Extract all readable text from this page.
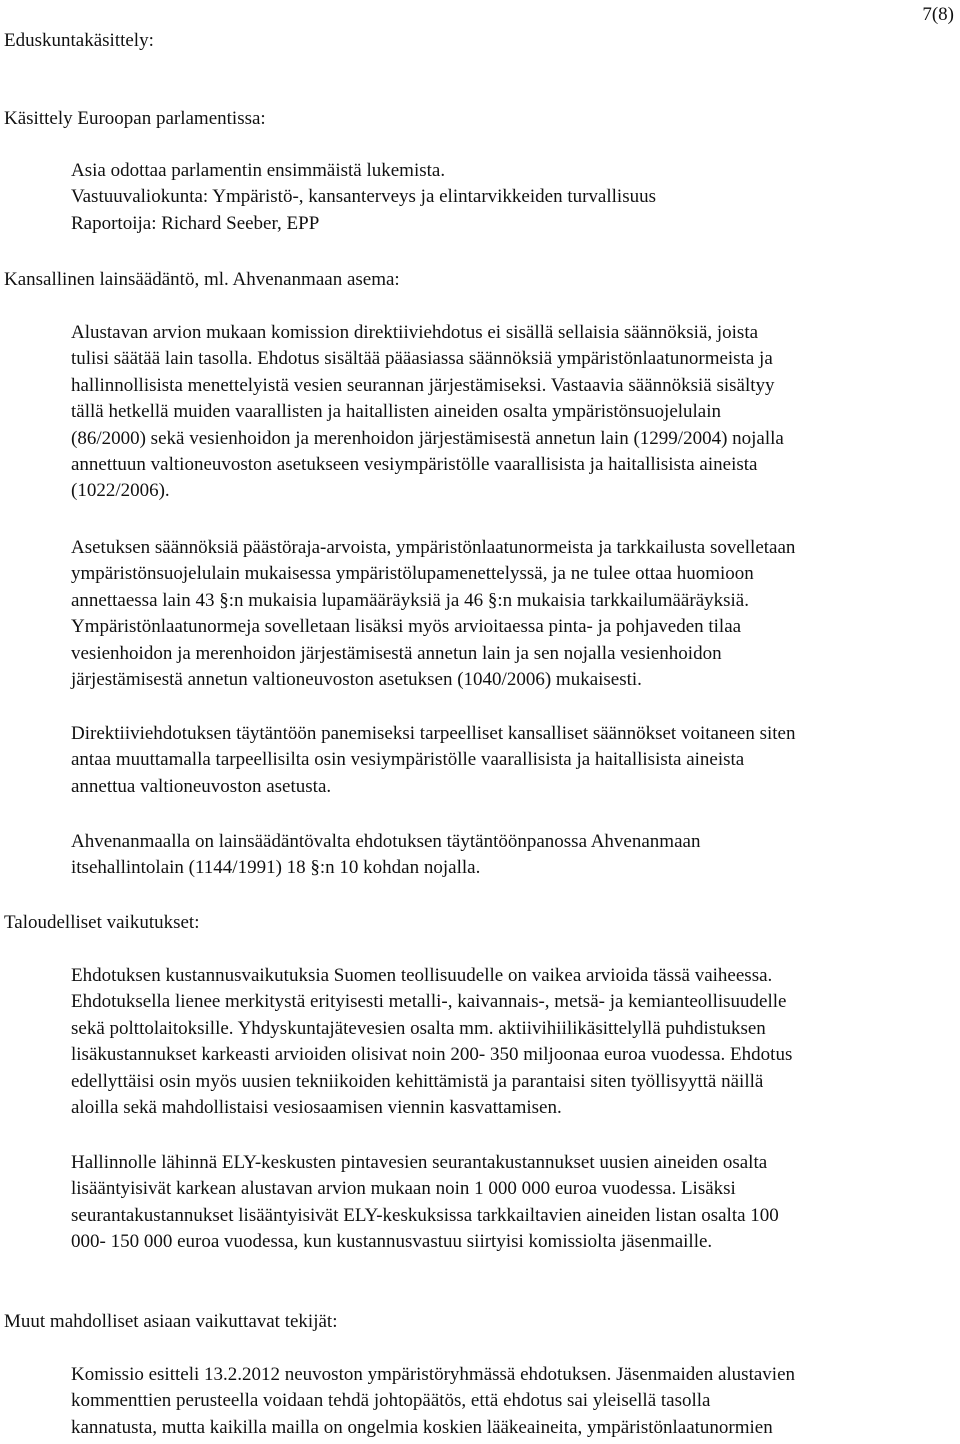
7(8)
Eduskuntakäsittely:
Käsittely Euroopan parlamentissa:
Asia odottaa parlamentin ensimmäistä lukemista.
Vastuuvaliokunta: Ympäristö-, kansanterveys ja elintarvikkeiden turvallisuus
Raportoija: Richard Seeber, EPP
Kansallinen lainsäädäntö, ml. Ahvenanmaan asema:
Alustavan arvion mukaan komission direktiiviehdotus ei sisällä sellaisia säännöksiä, joista
tulisi säätää lain tasolla. Ehdotus sisältää pääasiassa säännöksiä ympäristönlaatunormeista ja
hallinnollisista menettelyistä vesien seurannan järjestämiseksi. Vastaavia säännöksiä sisältyy
tällä hetkellä muiden vaarallisten ja haitallisten aineiden osalta ympäristönsuojelulain
(86/2000) sekä vesienhoidon ja merenhoidon järjestämisestä annetun lain (1299/2004) nojalla
annettuun valtioneuvoston asetukseen vesiympäristölle vaarallisista ja haitallisista aineista
(1022/2006).
Asetuksen säännöksiä päästöraja-arvoista, ympäristönlaatunormeista ja tarkkailusta sovelletaan
ympäristönsuojelulain mukaisessa ympäristölupamenettelyssä, ja ne tulee ottaa huomioon
annettaessa lain 43 §:n mukaisia lupamääräyksiä ja 46 §:n mukaisia tarkkailumääräyksiä.
Ympäristönlaatunormeja sovelletaan lisäksi myös arvioitaessa pinta- ja pohjaveden tilaa
vesienhoidon ja merenhoidon järjestämisestä annetun lain ja sen nojalla vesienhoidon
järjestämisestä annetun valtioneuvoston asetuksen (1040/2006) mukaisesti.
Direktiiviehdotuksen täytäntöön panemiseksi tarpeelliset kansalliset säännökset voitaneen siten
antaa muuttamalla tarpeellisilta osin vesiympäristölle vaarallisista ja haitallisista aineista
annettua valtioneuvoston asetusta.
Ahvenanmaalla on lainsäädäntövalta ehdotuksen täytäntöönpanossa Ahvenanmaan
itsehallintolain (1144/1991) 18 §:n 10 kohdan nojalla.
Taloudelliset vaikutukset:
Ehdotuksen kustannusvaikutuksia Suomen teollisuudelle on vaikea arvioida tässä vaiheessa.
Ehdotuksella lienee merkitystä erityisesti metalli-, kaivannais-, metsä- ja kemianteollisuudelle
sekä polttolaitoksille. Yhdyskuntajätevesien osalta mm. aktiivihiilikäsittelyllä puhdistuksen
lisäkustannukset karkeasti arvioiden olisivat noin 200- 350 miljoonaa euroa vuodessa. Ehdotus
edellyttäisi osin myös uusien tekniikoiden kehittämistä ja parantaisi siten työllisyyttä näillä
aloilla sekä mahdollistaisi vesiosaamisen viennin kasvattamisen.
Hallinnolle lähinnä ELY-keskusten pintavesien seurantakustannukset uusien aineiden osalta
lisääntyisivät karkean alustavan arvion mukaan noin 1 000 000 euroa vuodessa. Lisäksi
seurantakustannukset lisääntyisivät ELY-keskuksissa tarkkailtavien aineiden listan osalta 100
000- 150 000 euroa vuodessa, kun kustannusvastuu siirtyisi komissiolta jäsenmaille.
Muut mahdolliset asiaan vaikuttavat tekijät:
Komissio esitteli 13.2.2012 neuvoston ympäristöryhmässä ehdotuksen. Jäsenmaiden alustavien
kommenttien perusteella voidaan tehdä johtopäätös, että ehdotus sai yleisellä tasolla
kannatusta, mutta kaikilla mailla on ongelmia koskien lääkeaineita, ympäristönlaatunormien
